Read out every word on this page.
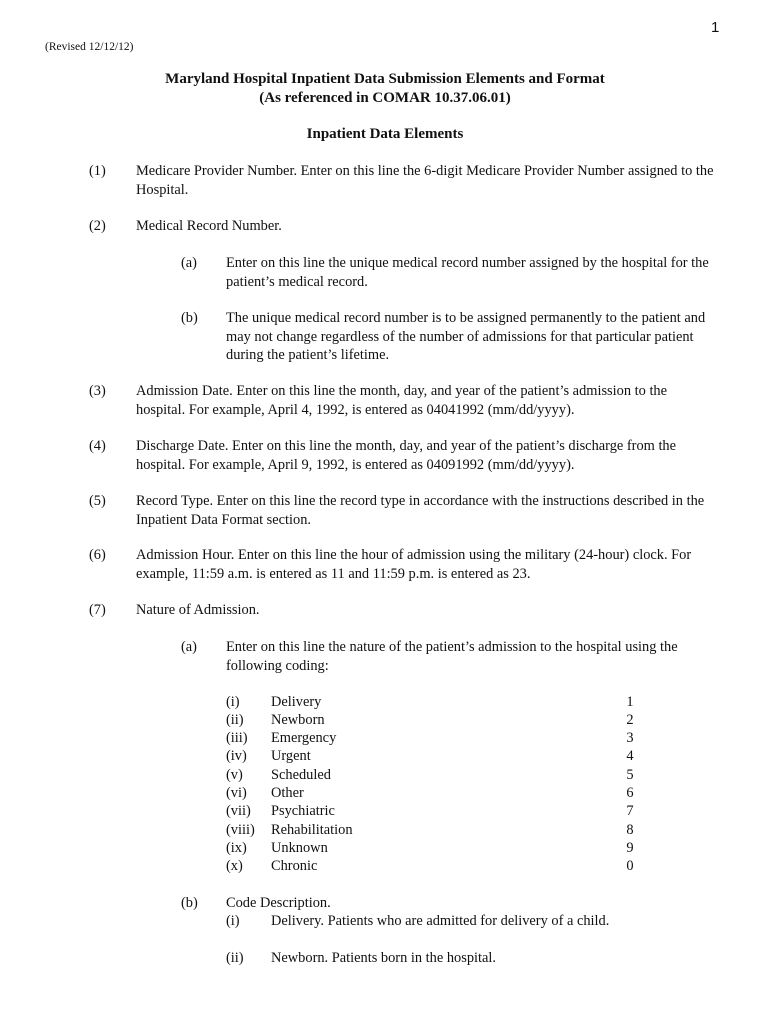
1
(Revised 12/12/12)
Maryland Hospital Inpatient Data Submission Elements and Format
(As referenced in COMAR 10.37.06.01)
Inpatient Data Elements
(1) Medicare Provider Number. Enter on this line the 6-digit Medicare Provider Number assigned to the Hospital.
(2) Medical Record Number.
(a) Enter on this line the unique medical record number assigned by the hospital for the patient’s medical record.
(b) The unique medical record number is to be assigned permanently to the patient and may not change regardless of the number of admissions for that particular patient during the patient’s lifetime.
(3) Admission Date. Enter on this line the month, day, and year of the patient’s admission to the hospital. For example, April 4, 1992, is entered as 04041992 (mm/dd/yyyy).
(4) Discharge Date. Enter on this line the month, day, and year of the patient’s discharge from the hospital. For example, April 9, 1992, is entered as 04091992 (mm/dd/yyyy).
(5) Record Type. Enter on this line the record type in accordance with the instructions described in the Inpatient Data Format section.
(6) Admission Hour. Enter on this line the hour of admission using the military (24-hour) clock. For example, 11:59 a.m. is entered as 11 and 11:59 p.m. is entered as 23.
(7) Nature of Admission.
(a) Enter on this line the nature of the patient’s admission to the hospital using the following coding:
(i) Delivery	1
(ii) Newborn	2
(iii) Emergency	3
(iv) Urgent	4
(v) Scheduled	5
(vi) Other	6
(vii) Psychiatric	7
(viii) Rehabilitation	8
(ix) Unknown	9
(x) Chronic	0
(b) Code Description.
(i) Delivery. Patients who are admitted for delivery of a child.
(ii) Newborn. Patients born in the hospital.
